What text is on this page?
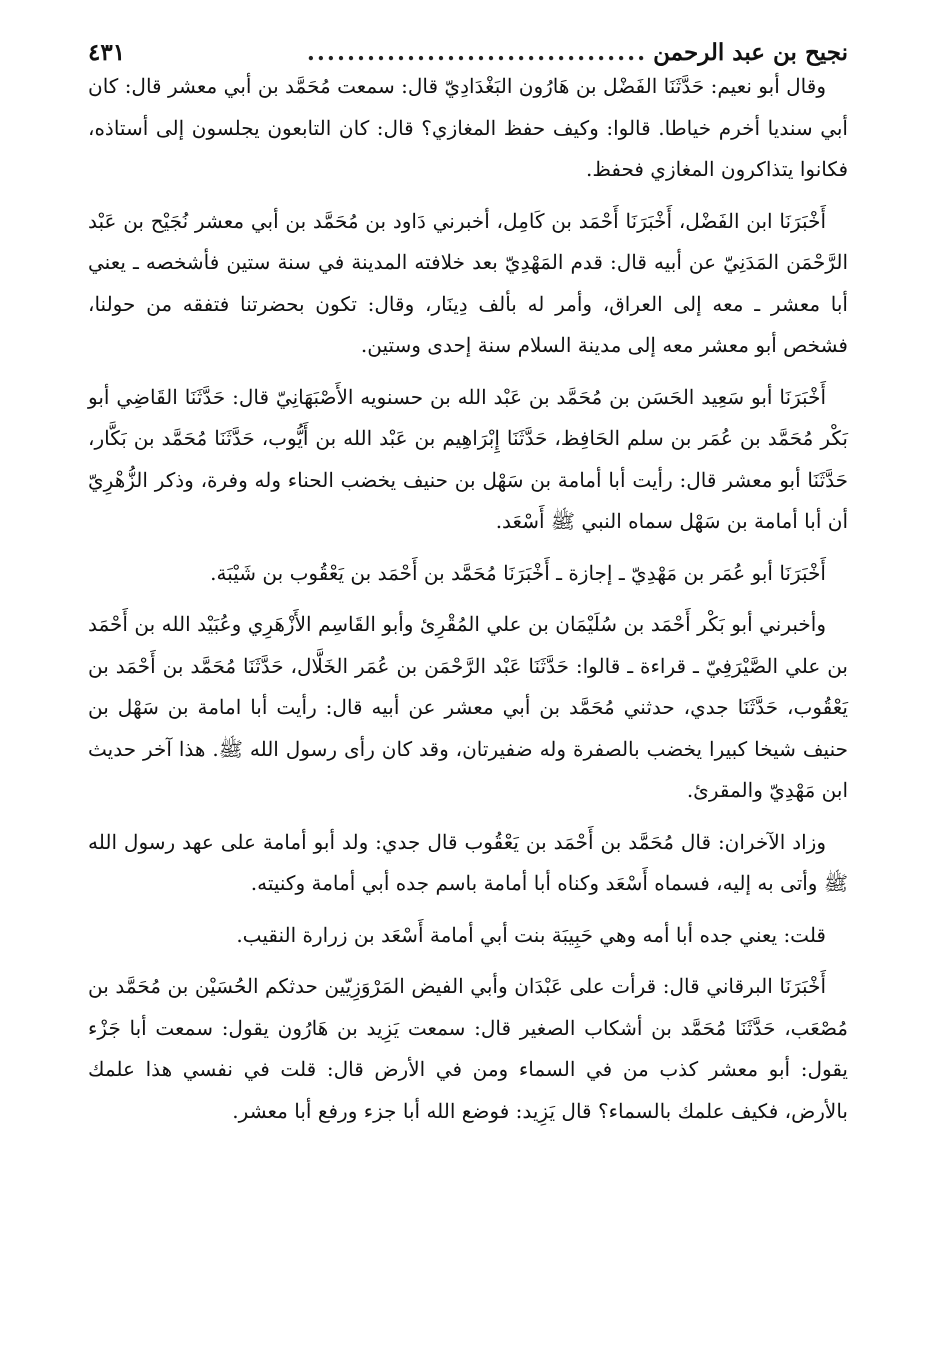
نجيح بن عبد الرحمن
..................................
٤٣١

وقال أبو نعيم: حَدَّثَنَا الفَضْل بن هَارُون البَغْدَادِيّ قال: سمعت مُحَمَّد بن أبي معشر قال: كان أبي سنديا أخرم خياطا. قالوا: وكيف حفظ المغازي؟ قال: كان التابعون يجلسون إلى أستاذه، فكانوا يتذاكرون المغازي فحفظ.

أَخْبَرَنَا ابن الفَضْل، أَخْبَرَنَا أَحْمَد بن كَامِل، أخبرني دَاود بن مُحَمَّد بن أبي معشر نُجَيْح بن عَبْد الرَّحْمَن المَدَنِيّ عن أبيه قال: قدم المَهْدِيّ بعد خلافته المدينة في سنة ستين فأشخصه ـ يعني أبا معشر ـ معه إلى العراق، وأمر له بألف دِينَار، وقال: تكون بحضرتنا فتفقه من حولنا، فشخص أبو معشر معه إلى مدينة السلام سنة إحدى وستين.

أَخْبَرَنَا أبو سَعِيد الحَسَن بن مُحَمَّد بن عَبْد الله بن حسنويه الأَصْبَهَانِيّ قال: حَدَّثَنَا القَاضِي أبو بَكْر مُحَمَّد بن عُمَر بن سلم الحَافِظ، حَدَّثَنَا إِبْرَاهِيم بن عَبْد الله بن أَيُّوب، حَدَّثَنَا مُحَمَّد بن بَكَّار، حَدَّثَنَا أبو معشر قال: رأيت أبا أمامة بن سَهْل بن حنيف يخضب الحناء وله وفرة، وذكر الزُّهْرِيّ أن أبا أمامة بن سَهْل سماه النبي ﷺ أَسْعَد.

أَخْبَرَنَا أبو عُمَر بن مَهْدِيّ ـ إجازة ـ أَخْبَرَنَا مُحَمَّد بن أَحْمَد بن يَعْقُوب بن شَيْبَة.

وأخبرني أبو بَكْر أَحْمَد بن سُلَيْمَان بن علي المُقْرِئ وأبو القَاسِم الأَزْهَرِي وعُبَيْد الله بن أَحْمَد بن علي الصَّيْرَفِيّ ـ قراءة ـ قالوا: حَدَّثَنَا عَبْد الرَّحْمَن بن عُمَر الخَلَّال، حَدَّثَنَا مُحَمَّد بن أَحْمَد بن يَعْقُوب، حَدَّثَنَا جدي، حدثني مُحَمَّد بن أبي معشر عن أبيه قال: رأيت أبا امامة بن سَهْل بن حنيف شيخا كبيرا يخضب بالصفرة وله ضفيرتان، وقد كان رأى رسول الله ﷺ. هذا آخر حديث ابن مَهْدِيّ والمقرئ.

وزاد الآخران: قال مُحَمَّد بن أَحْمَد بن يَعْقُوب قال جدي: ولد أبو أمامة على عهد رسول الله ﷺ وأتى به إليه، فسماه أَسْعَد وكناه أبا أمامة باسم جده أبي أمامة وكنيته.

قلت: يعني جده أبا أمه وهي حَبِيبَة بنت أبي أمامة أَسْعَد بن زرارة النقيب.

أَخْبَرَنَا البرقاني قال: قرأت على عَبْدَان وأبي الفيض المَرْوَزِيّين حدثكم الحُسَيْن بن مُحَمَّد بن مُصْعَب، حَدَّثَنَا مُحَمَّد بن أشكاب الصغير قال: سمعت يَزِيد بن هَارُون يقول: سمعت أبا جَزْء يقول: أبو معشر كذب من في السماء ومن في الأرض قال: قلت في نفسي هذا علمك بالأرض، فكيف علمك بالسماء؟ قال يَزِيد: فوضع الله أبا جزء ورفع أبا معشر.
